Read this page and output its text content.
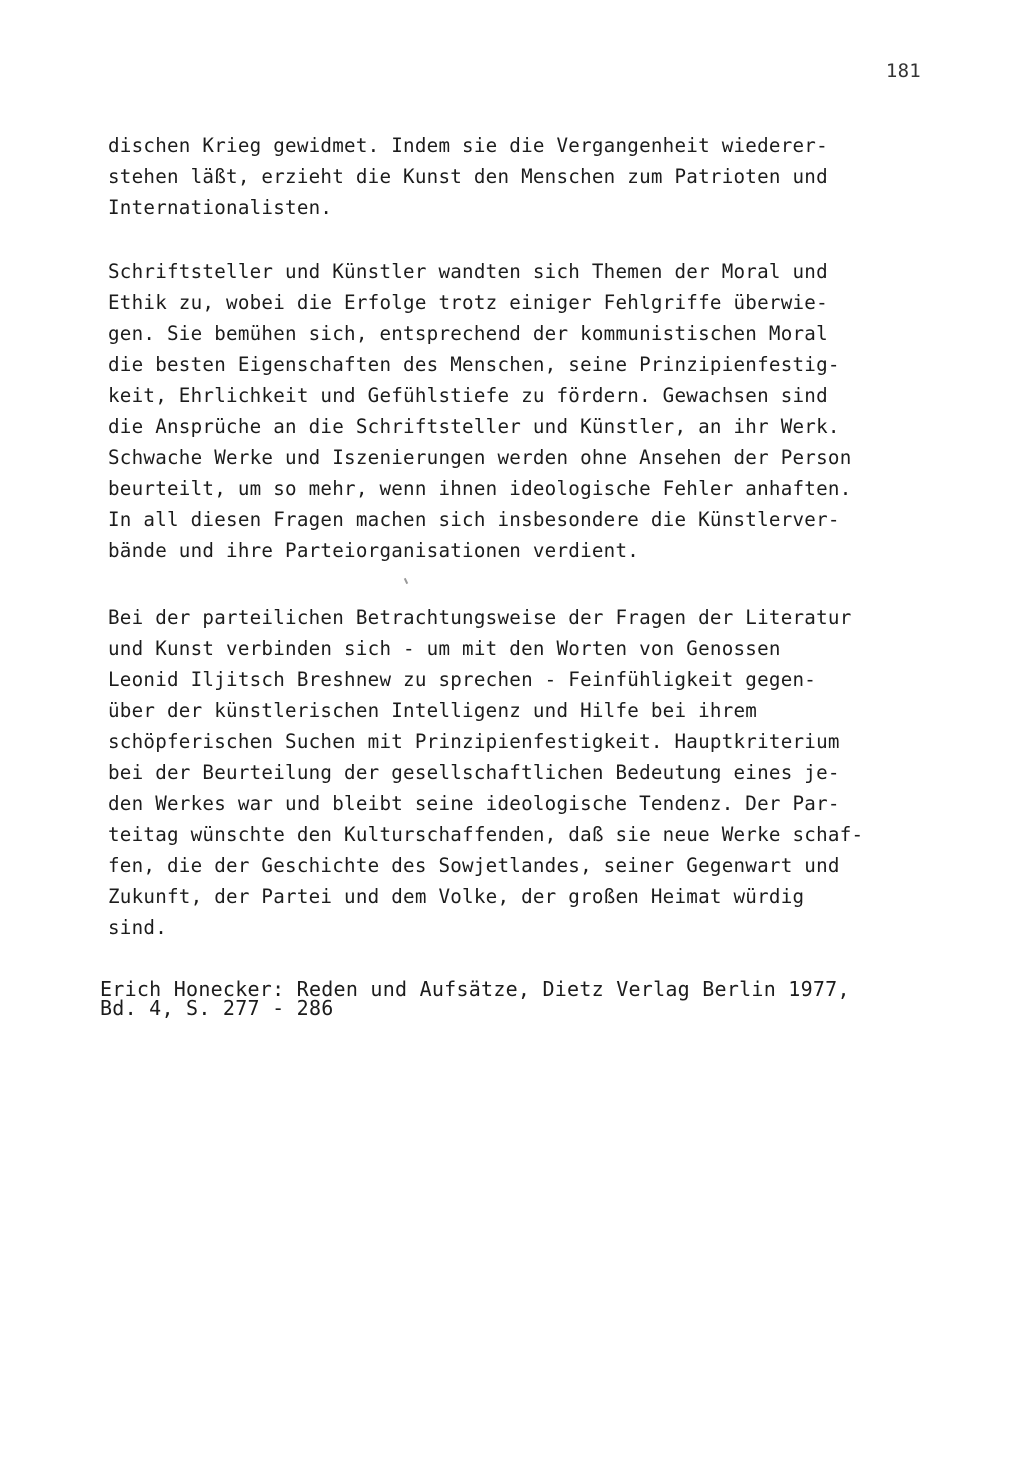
181
dischen Krieg gewidmet. Indem sie die Vergangenheit wiederer-
stehen läßt, erzieht die Kunst den Menschen zum Patrioten und
Internationalisten.
Schriftsteller und Künstler wandten sich Themen der Moral und
Ethik zu, wobei die Erfolge trotz einiger Fehlgriffe überwie-
gen. Sie bemühen sich, entsprechend der kommunistischen Moral
die besten Eigenschaften des Menschen, seine Prinzipienfestig-
keit, Ehrlichkeit und Gefühlstiefe zu fördern. Gewachsen sind
die Ansprüche an die Schriftsteller und Künstler, an ihr Werk.
Schwache Werke und Iszenierungen werden ohne Ansehen der Person
beurteilt, um so mehr, wenn ihnen ideologische Fehler anhaften.
In all diesen Fragen machen sich insbesondere die Künstlerver-
bände und ihre Parteiorganisationen verdient.
Bei der parteilichen Betrachtungsweise der Fragen der Literatur
und Kunst verbinden sich - um mit den Worten von Genossen
Leonid Iljitsch Breshnew zu sprechen - Feinfühligkeit gegen-
über der künstlerischen Intelligenz und Hilfe bei ihrem
schöpferischen Suchen mit Prinzipienfestigkeit. Hauptkriterium
bei der Beurteilung der gesellschaftlichen Bedeutung eines je-
den Werkes war und bleibt seine ideologische Tendenz. Der Par-
teitag wünschte den Kulturschaffenden, daß sie neue Werke schaf-
fen, die der Geschichte des Sowjetlandes, seiner Gegenwart und
Zukunft, der Partei und dem Volke, der großen Heimat würdig
sind.
Erich Honecker: Reden und Aufsätze, Dietz Verlag Berlin 1977,
Bd. 4, S. 277 - 286
